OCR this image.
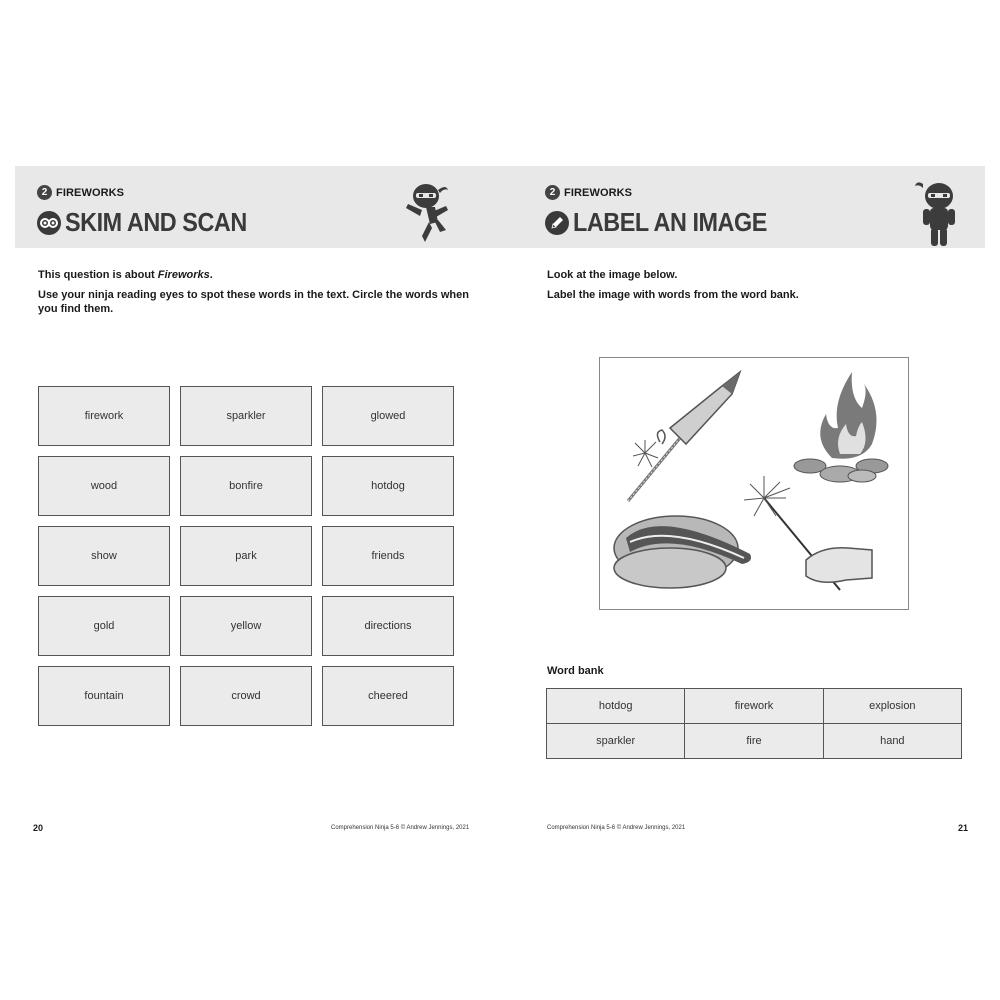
2 FIREWORKS
SKIM AND SCAN
This question is about Fireworks.
Use your ninja reading eyes to spot these words in the text. Circle the words when
you find them.
firework	sparkler	glowed
wood	bonfire	hotdog
show	park	friends
gold	yellow	directions
fountain	crowd	cheered
20	Comprehension Ninja 5-6 © Andrew Jennings, 2021
2 FIREWORKS
LABEL AN IMAGE
Look at the image below.
Label the image with words from the word bank.
Word bank
hotdog	firework	explosion
sparkler	fire	hand
Comprehension Ninja 5-6 © Andrew Jennings, 2021	21
